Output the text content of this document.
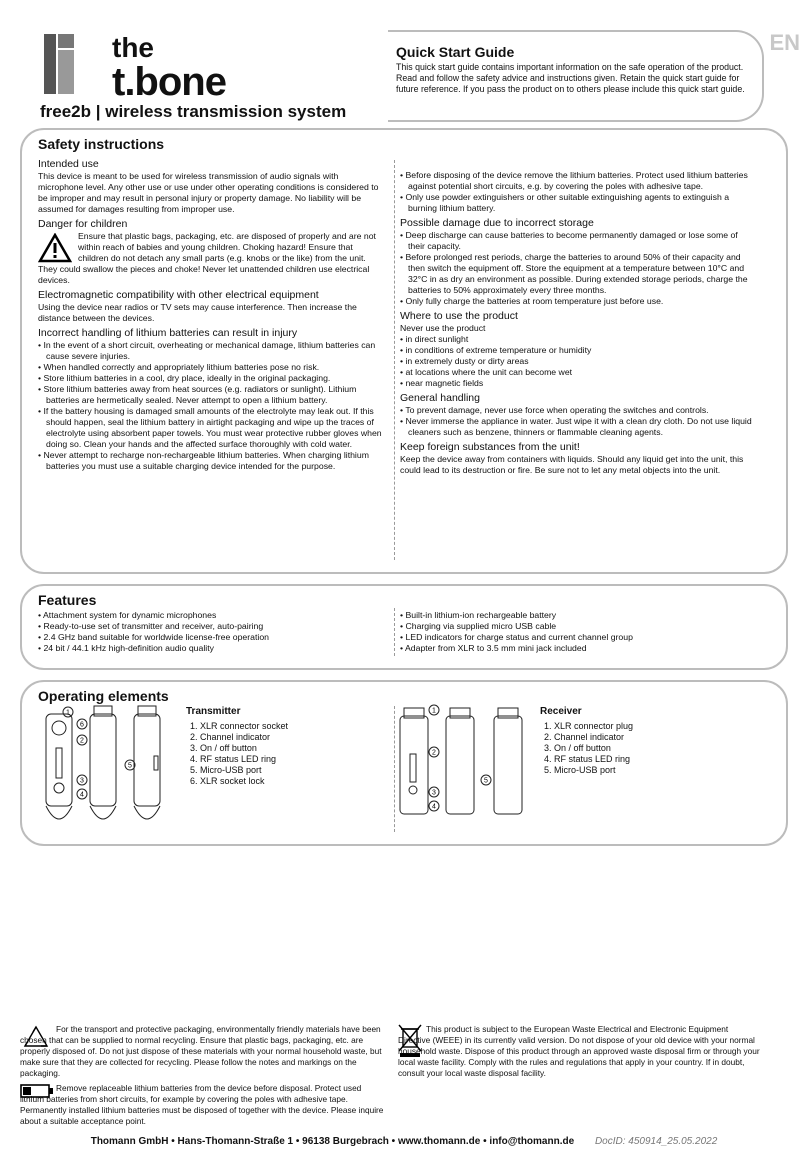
the
t.bone
free2b | wireless transmission system
Quick Start Guide
This quick start guide contains important information on the safe operation of the product. Read and follow the safety advice and instructions given. Retain the quick start guide for future reference. If you pass the product on to others please include this quick start guide.
EN
Safety instructions
Intended use

This device is meant to be used for wireless transmission of audio signals with microphone level. Any other use or use under other operating conditions is considered to be improper and may result in personal injury or property damage. No liability will be assumed for damages resulting from improper use.

Danger for children

Ensure that plastic bags, packaging, etc. are disposed of properly and are not within reach of babies and young children. Choking hazard! Ensure that children do not detach any small parts (e.g. knobs or the like) from the unit. They could swallow the pieces and choke! Never let unattended children use electrical devices.

Electromagnetic compatibility with other electrical equipment

Using the device near radios or TV sets may cause interference. Then increase the distance between the devices.

Incorrect handling of lithium batteries can result in injury
• In the event of a short circuit, overheating or mechanical damage, lithium batteries can cause severe injuries.
• When handled correctly and appropriately lithium batteries pose no risk.
• Store lithium batteries in a cool, dry place, ideally in the original packaging.
• Store lithium batteries away from heat sources (e.g. radiators or sunlight). Lithium batteries are hermetically sealed. Never attempt to open a lithium battery.
• If the battery housing is damaged small amounts of the electrolyte may leak out. If this should happen, seal the lithium battery in airtight packaging and wipe up the traces of electrolyte using absorbent paper towels. You must wear protective rubber gloves when doing so. Clean your hands and the affected surface thoroughly with cold water.
• Never attempt to recharge non-rechargeable lithium batteries. When charging lithium batteries you must use a suitable charging device intended for the purpose.
• Before disposing of the device remove the lithium batteries. Protect used lithium batteries against potential short circuits, e.g. by covering the poles with adhesive tape.
• Only use powder extinguishers or other suitable extinguishing agents to extinguish a burning lithium battery.
Possible damage due to incorrect storage
• Deep discharge can cause batteries to become permanently damaged or lose some of their capacity.
• Before prolonged rest periods, charge the batteries to around 50% of their capacity and then switch the equipment off. Store the equipment at a temperature between 10°C and 32°C in as dry an environment as possible. During extended storage periods, charge the batteries to 50% approximately every three months.
• Only fully charge the batteries at room temperature just before use.
Where to use the product

Never use the product

• in direct sunlight
• in conditions of extreme temperature or humidity
• in extremely dusty or dirty areas
• at locations where the unit can become wet
• near magnetic fields
General handling
• To prevent damage, never use force when operating the switches and controls.
• Never immerse the appliance in water. Just wipe it with a clean dry cloth. Do not use liquid cleaners such as benzene, thinners or flammable cleaning agents.
Keep foreign substances from the unit!

Keep the device away from containers with liquids. Should any liquid get into the unit, this could lead to its destruction or fire. Be sure not to let any metal objects into the unit.

Features
• Attachment system for dynamic microphones
• Ready-to-use set of transmitter and receiver, auto-pairing
• 2.4 GHz band suitable for worldwide license-free operation
• 24 bit / 44.1 kHz high-definition audio quality
• Built-in lithium-ion rechargeable battery
• Charging via supplied micro USB cable
• LED indicators for charge status and current channel group
• Adapter from XLR to 3.5 mm mini jack included
Operating elements
1
6
2
3
4
5
Transmitter
1. XLR connector socket
2. Channel indicator
3. On / off button
4. RF status LED ring
5. Micro-USB port
6. XLR socket lock
1
2
3
4
5
Receiver
1. XLR connector plug
2. Channel indicator
3. On / off button
4. RF status LED ring
5. Micro-USB port
For the transport and protective packaging, environmentally friendly materials have been chosen that can be supplied to normal recycling. Ensure that plastic bags, packaging, etc. are properly disposed of. Do not just dispose of these materials with your normal household waste, but make sure that they are collected for recycling. Please follow the notes and markings on the packaging.
Remove replaceable lithium batteries from the device before disposal. Protect used lithium batteries from short circuits, for example by covering the poles with adhesive tape. Permanently installed lithium batteries must be disposed of together with the device. Please inquire about a suitable acceptance point.
This product is subject to the European Waste Electrical and Electronic Equipment Directive (WEEE) in its currently valid version. Do not dispose of your old device with your normal household waste. Dispose of this product through an approved waste disposal firm or through your local waste facility. Comply with the rules and regulations that apply in your country. If in doubt, consult your local waste disposal facility.
Thomann GmbH • Hans-Thomann-Straße 1 • 96138 Burgebrach • www.thomann.de • info@thomann.de DocID: 450914_25.05.2022
